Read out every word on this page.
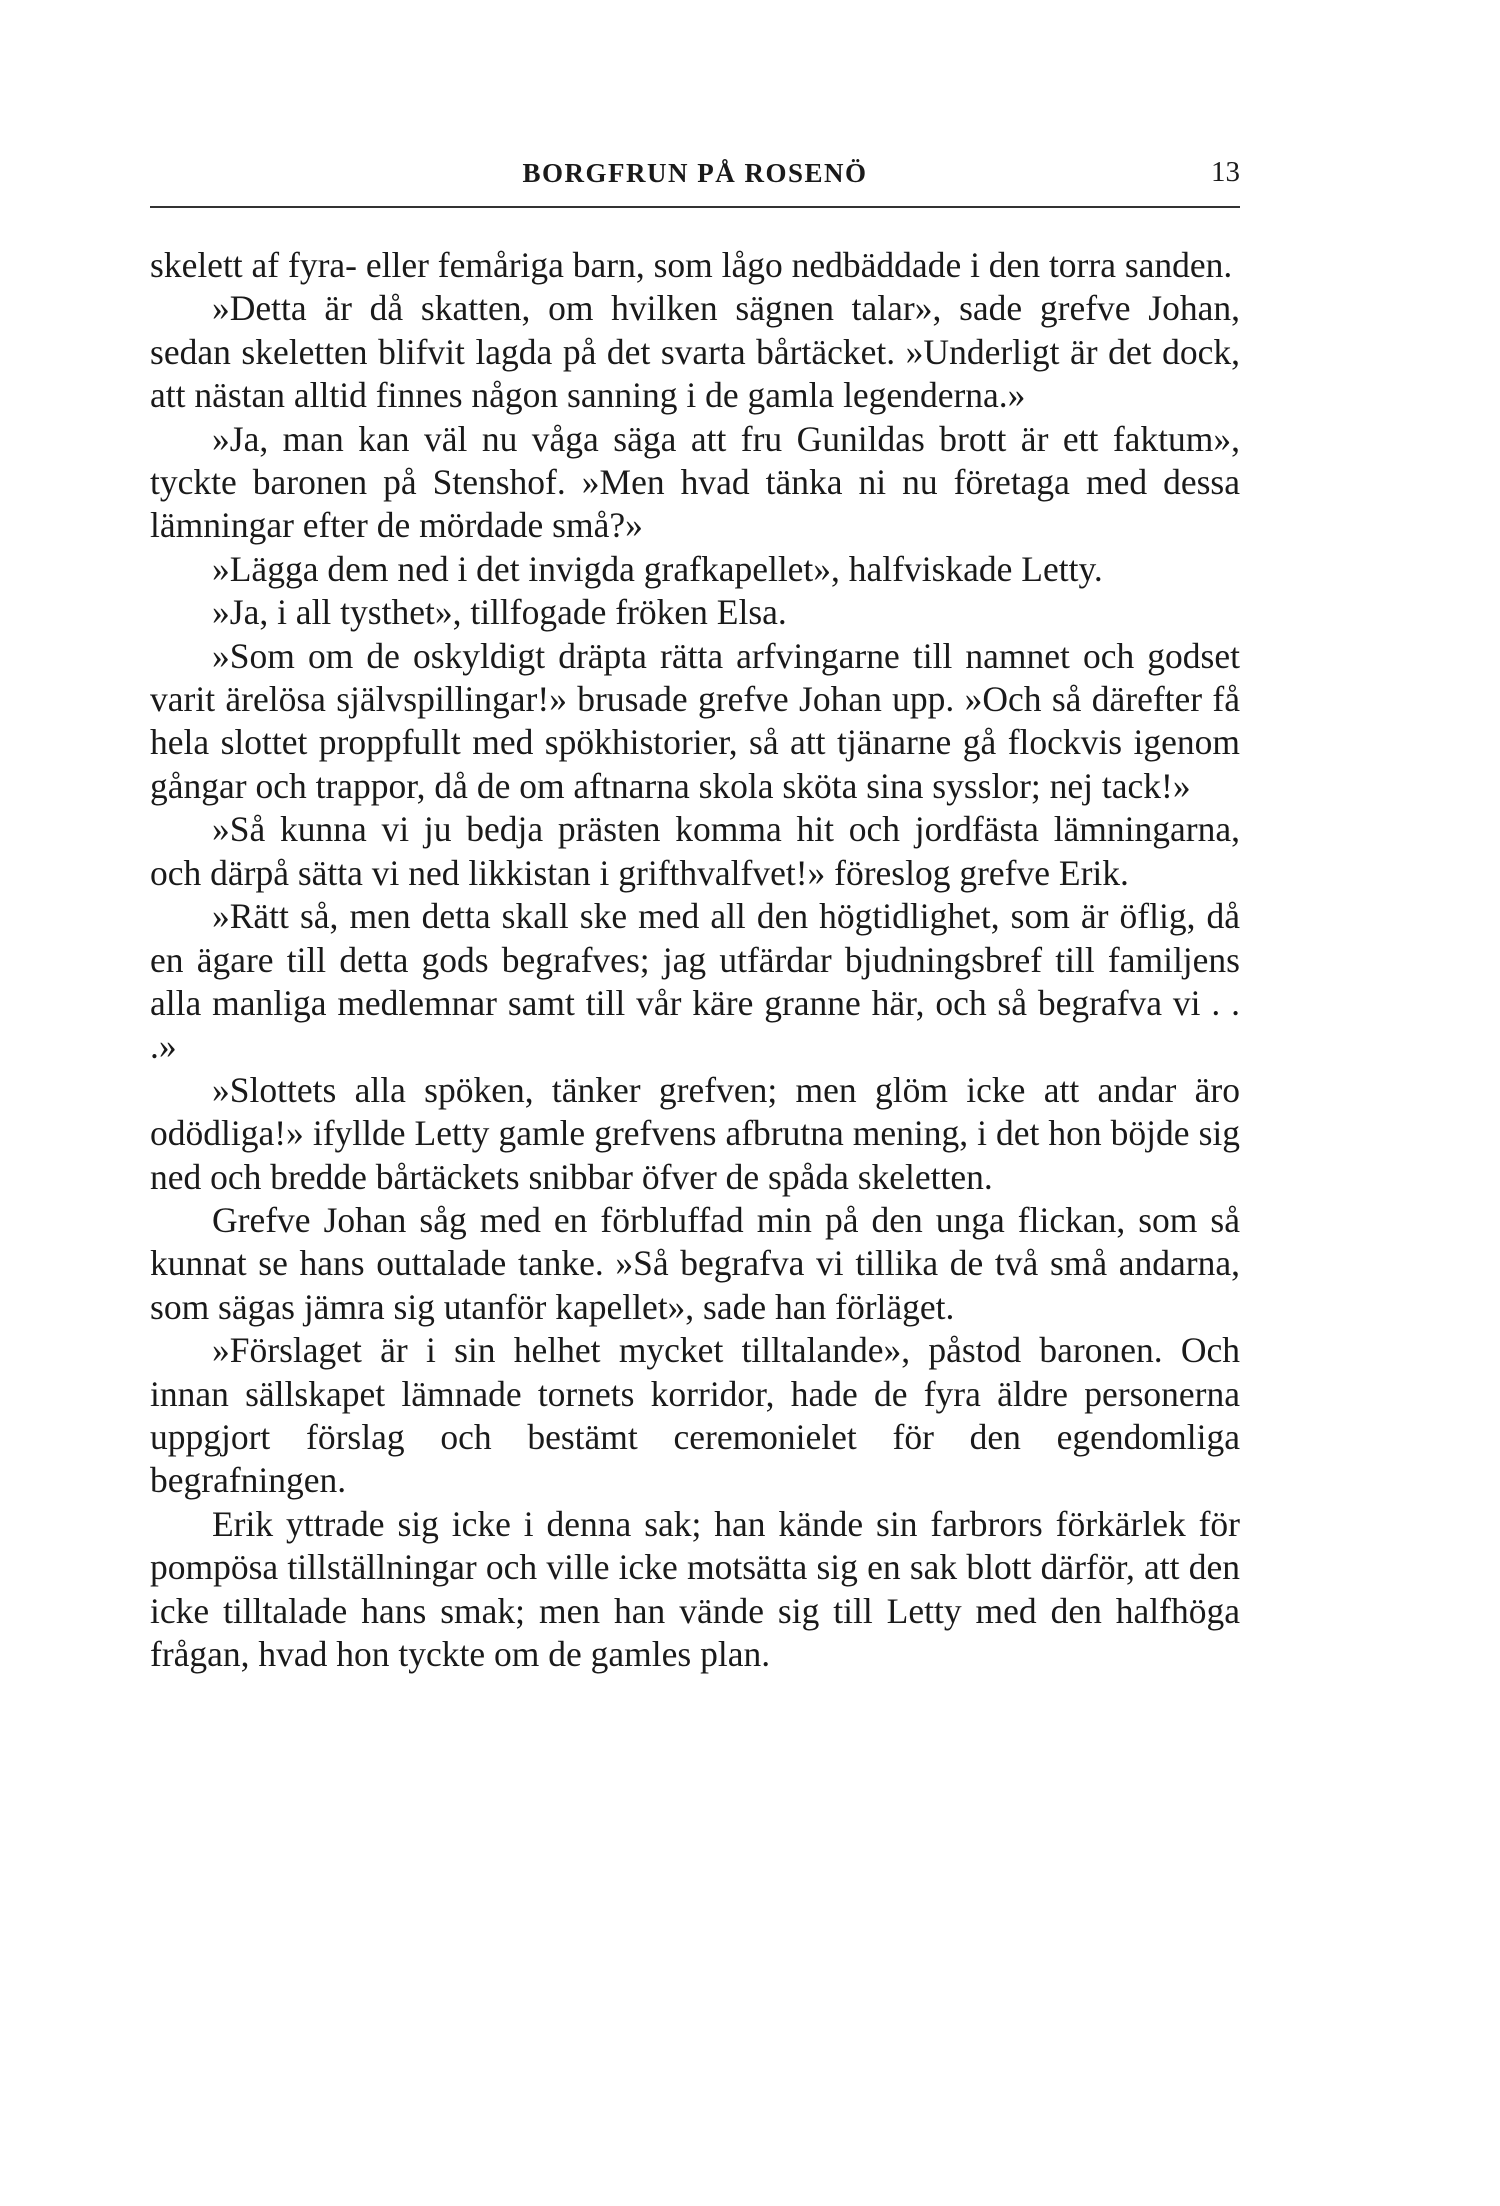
BORGFRUN PÅ ROSENÖ	13

skelett af fyra- eller femåriga barn, som lågo nedbäddade i den torra sanden.

»Detta är då skatten, om hvilken sägnen talar», sade grefve Johan, sedan skeletten blifvit lagda på det svarta bårtäcket. »Underligt är det dock, att nästan alltid finnes någon sanning i de gamla legenderna.»

»Ja, man kan väl nu våga säga att fru Gunildas brott är ett faktum», tyckte baronen på Stenshof. »Men hvad tänka ni nu företaga med dessa lämningar efter de mördade små?»

»Lägga dem ned i det invigda grafkapellet», halfviskade Letty.

»Ja, i all tysthet», tillfogade fröken Elsa.

»Som om de oskyldigt dräpta rätta arfvingarne till namnet och godset varit ärelösa självspillingar!» brusade grefve Johan upp. »Och så därefter få hela slottet proppfullt med spökhistorier, så att tjänarne gå flockvis igenom gångar och trappor, då de om aftnarna skola sköta sina sysslor; nej tack!»

»Så kunna vi ju bedja prästen komma hit och jordfästa lämningarna, och därpå sätta vi ned likkistan i grifthvalfvet!» föreslog grefve Erik.

»Rätt så, men detta skall ske med all den högtidlighet, som är öflig, då en ägare till detta gods begrafves; jag utfärdar bjudningsbref till familjens alla manliga medlemnar samt till vår käre granne här, och så begrafva vi . . .»

»Slottets alla spöken, tänker grefven; men glöm icke att andar äro odödliga!» ifyllde Letty gamle grefvens afbrutna mening, i det hon böjde sig ned och bredde bårtäckets snibbar öfver de spåda skeletten.

Grefve Johan såg med en förbluffad min på den unga flickan, som så kunnat se hans outtalade tanke. »Så begrafva vi tillika de två små andarna, som sägas jämra sig utanför kapellet», sade han förläget.

»Förslaget är i sin helhet mycket tilltalande», påstod baronen. Och innan sällskapet lämnade tornets korridor, hade de fyra äldre personerna uppgjort förslag och bestämt ceremonielet för den egendomliga begrafningen.

Erik yttrade sig icke i denna sak; han kände sin farbrors förkärlek för pompösa tillställningar och ville icke motsätta sig en sak blott därför, att den icke tilltalade hans smak; men han vände sig till Letty med den halfhöga frågan, hvad hon tyckte om de gamles plan.
